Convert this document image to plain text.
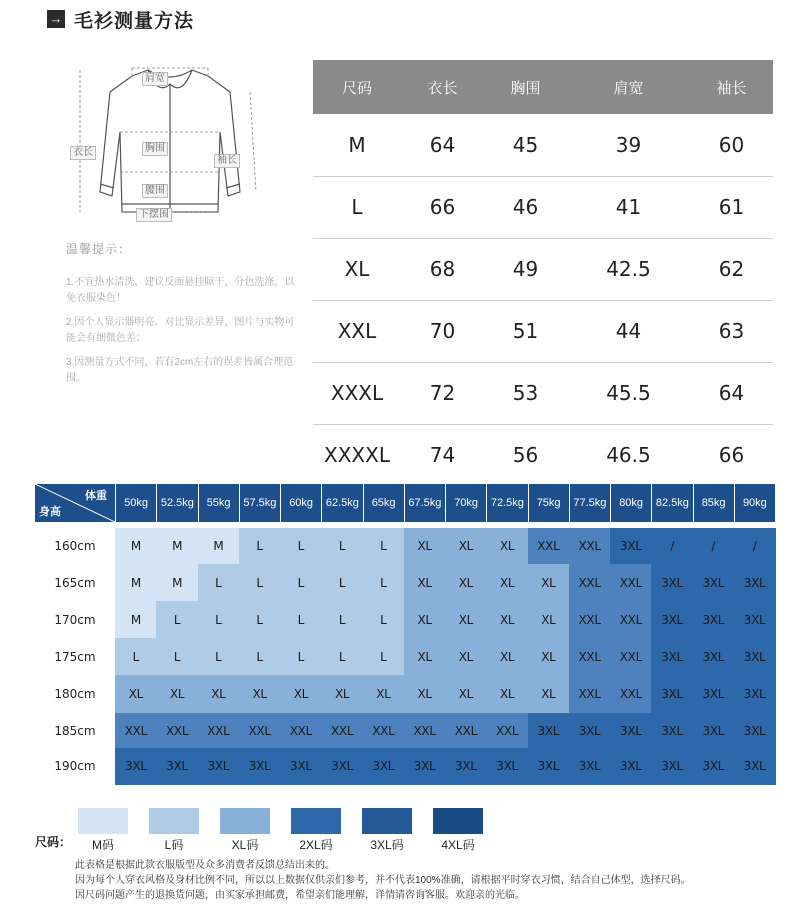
→ 毛衫测量方法
肩宽
衣长	胸围
袖长
腰围
下摆围
温馨提示：

1.不宜热水清洗，建议反面悬挂晾干，分色洗涤，以免衣服染色！

2.因个人显示器明亮、对比显示差异，图片与实物可能会有细微色差；

3.因测量方式不同，若有2cm左右的误差皆属合理范围。

尺码	衣长	胸围	肩宽	袖长
M	64	45	39	60
L	66	46	41	61
XL	68	49	42.5	62
XXL	70	51	44	63
XXXL	72	53	45.5	64
XXXXL	74	56	46.5	66
体重
身高
50kg	52.5kg	55kg	57.5kg	60kg	62.5kg	65kg	67.5kg	70kg	72.5kg	75kg	77.5kg	80kg	82.5kg	85kg	90kg
160cm	M	M	M	L	L	L	L	XL	XL	XL	XXL	XXL	3XL	/	/	/
165cm	M	M	L	L	L	L	L	XL	XL	XL	XL	XXL	XXL	3XL	3XL	3XL
170cm	M	L	L	L	L	L	L	XL	XL	XL	XL	XXL	XXL	3XL	3XL	3XL
175cm	L	L	L	L	L	L	L	XL	XL	XL	XL	XXL	XXL	3XL	3XL	3XL
180cm	XL	XL	XL	XL	XL	XL	XL	XL	XL	XL	XL	XXL	XXL	3XL	3XL	3XL
185cm	XXL	XXL	XXL	XXL	XXL	XXL	XXL	XXL	XXL	XXL	3XL	3XL	3XL	3XL	3XL	3XL
190cm	3XL	3XL	3XL	3XL	3XL	3XL	3XL	3XL	3XL	3XL	3XL	3XL	3XL	3XL	3XL	3XL
尺码：	M码	L码	XL码	2XL码	3XL码	4XL码

此表格是根据此款衣服版型及众多消费者反馈总结出来的。

因为每个人穿衣风格及身材比例不同，所以以上数据仅供亲们参考，并不代表100%准确，请根据平时穿衣习惯，结合自己体型，选择尺码。

因尺码问题产生的退换货问题，由买家承担邮费，希望亲们能理解，详情请咨询客服。欢迎亲的光临。
